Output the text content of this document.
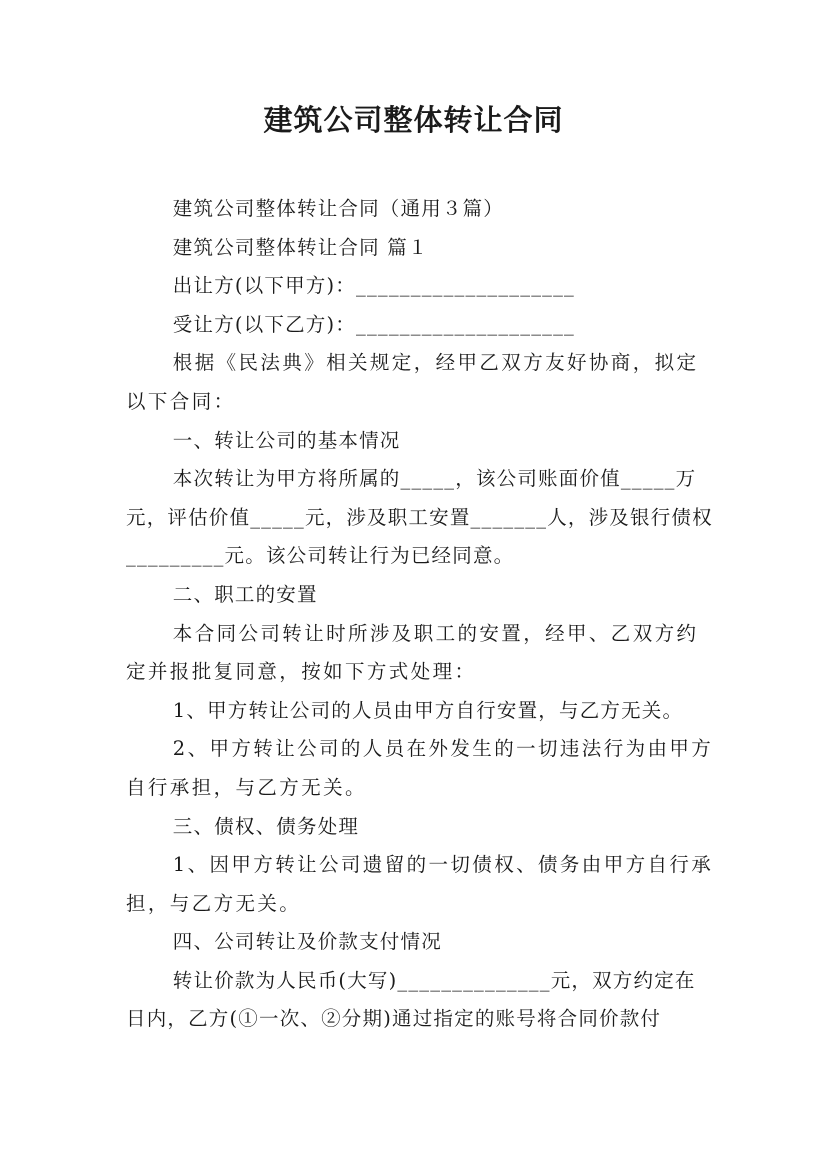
建筑公司整体转让合同

建筑公司整体转让合同（通用３篇）

建筑公司整体转让合同 篇１

出让方(以下甲方)：____________________

受让方(以下乙方)：____________________

根据《民法典》相关规定，经甲乙双方友好协商，拟定以下合同：

一、转让公司的基本情况

本次转让为甲方将所属的_____，该公司账面价值_____万元，评估价值_____元，涉及职工安置_______人，涉及银行债权_________元。该公司转让行为已经同意。

二、职工的安置

本合同公司转让时所涉及职工的安置，经甲、乙双方约定并报批复同意，按如下方式处理：

1、甲方转让公司的人员由甲方自行安置，与乙方无关。

2、甲方转让公司的人员在外发生的一切违法行为由甲方自行承担，与乙方无关。

三、债权、债务处理

1、因甲方转让公司遗留的一切债权、债务由甲方自行承担，与乙方无关。

四、公司转让及价款支付情况

转让价款为人民币(大写)______________元，双方约定在日内，乙方(①一次、②分期)通过指定的账号将合同价款付
